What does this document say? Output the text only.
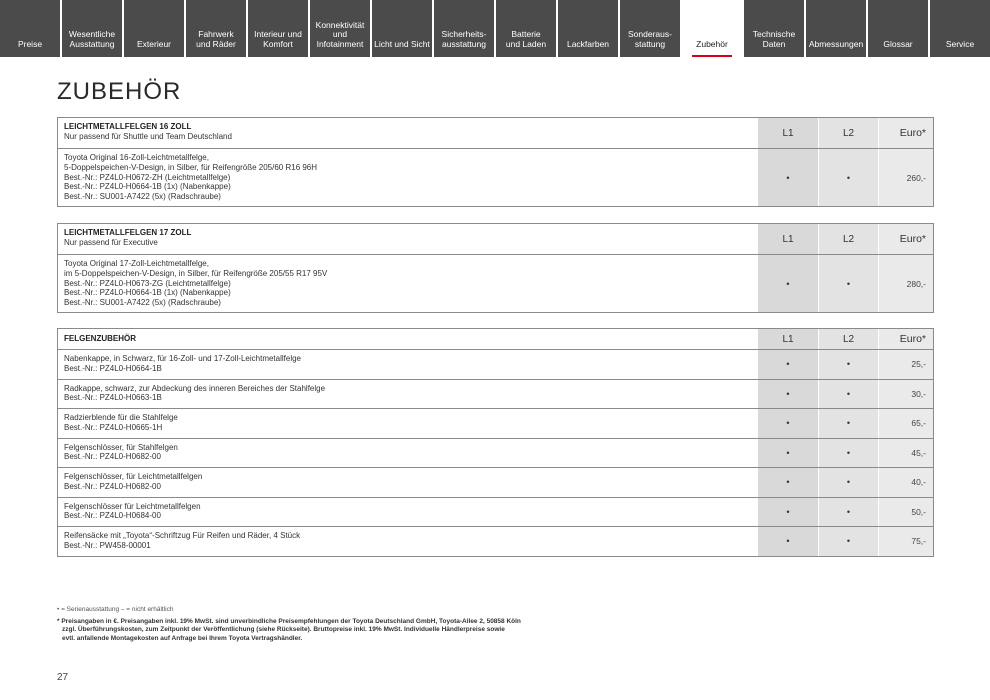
Preise
Wesentliche
Ausstattung	Exterieur
Fahrwerk
und Räder
Interieur und
Komfort
Konnektivität
und
Infotainment	Licht und Sicht
Sicherheits-
ausstattung
Batterie
und Laden	Lackfarben
Sonderaus-
stattung	Zubehör
Technische
Daten	Abmessungen	Glossar	Service
ZUBEHÖR
LEICHTMETALLFELGEN 16 ZOLL
Nur passend für Shuttle und Team Deutschland	L1	L2	Euro*
Toyota Original 16-Zoll-Leichtmetallfelge,
5-Doppelspeichen-V-Design, in Silber, für Reifengröße 205/60 R16 96H
Best.-Nr.: PZ4L0-H0672-ZH (Leichtmetallfelge)
Best.-Nr.: PZ4L0-H0664-1B (1x) (Nabenkappe)
Best.-Nr.: SU001-A7422 (5x) (Radschraube)
•	•	260,-
LEICHTMETALLFELGEN 17 ZOLL
Nur passend für Executive	L1	L2	Euro*
Toyota Original 17-Zoll-Leichtmetallfelge,
im 5-Doppelspeichen-V-Design, in Silber, für Reifengröße 205/55 R17 95V
Best.-Nr.: PZ4L0-H0673-ZG (Leichtmetallfelge)
Best.-Nr.: PZ4L0-H0664-1B (1x) (Nabenkappe)
Best.-Nr.: SU001-A7422 (5x) (Radschraube)
•	•	280,-
FELGENZUBEHÖR	L1	L2	Euro*
Nabenkappe, in Schwarz, für 16-Zoll- und 17-Zoll-Leichtmetallfelge
Best.-Nr.: PZ4L0-H0664-1B	•	•	25,-
Radkappe, schwarz, zur Abdeckung des inneren Bereiches der Stahlfelge
Best.-Nr.: PZ4L0-H0663-1B	•	•	30,-
Radzierblende für die Stahlfelge
Best.-Nr.: PZ4L0-H0665-1H	•	•	65,-
Felgenschlösser, für Stahlfelgen
Best.-Nr.: PZ4L0-H0682-00	•	•	45,-
Felgenschlösser, für Leichtmetallfelgen
Best.-Nr.: PZ4L0-H0682-00	•	•	40,-
Felgenschlösser für Leichtmetallfelgen
Best.-Nr.: PZ4L0-H0684-00	•	•	50,-
Reifensäcke mit „Toyota“-Schriftzug Für Reifen und Räder, 4 Stück
Best.-Nr.: PW458-00001	•	•	75,-
• = Serienausstattung – = nicht erhältlich
* Preisangaben in €. Preisangaben inkl. 19% MwSt. sind unverbindliche Preisempfehlungen der Toyota Deutschland GmbH, Toyota-Allee 2, 50858 Köln
zzgl. Überführungskosten, zum Zeitpunkt der Veröffentlichung (siehe Rückseite). Bruttopreise inkl. 19% MwSt. Individuelle Händlerpreise sowie
evtl. anfallende Montagekosten auf Anfrage bei Ihrem Toyota Vertragshändler.
27
